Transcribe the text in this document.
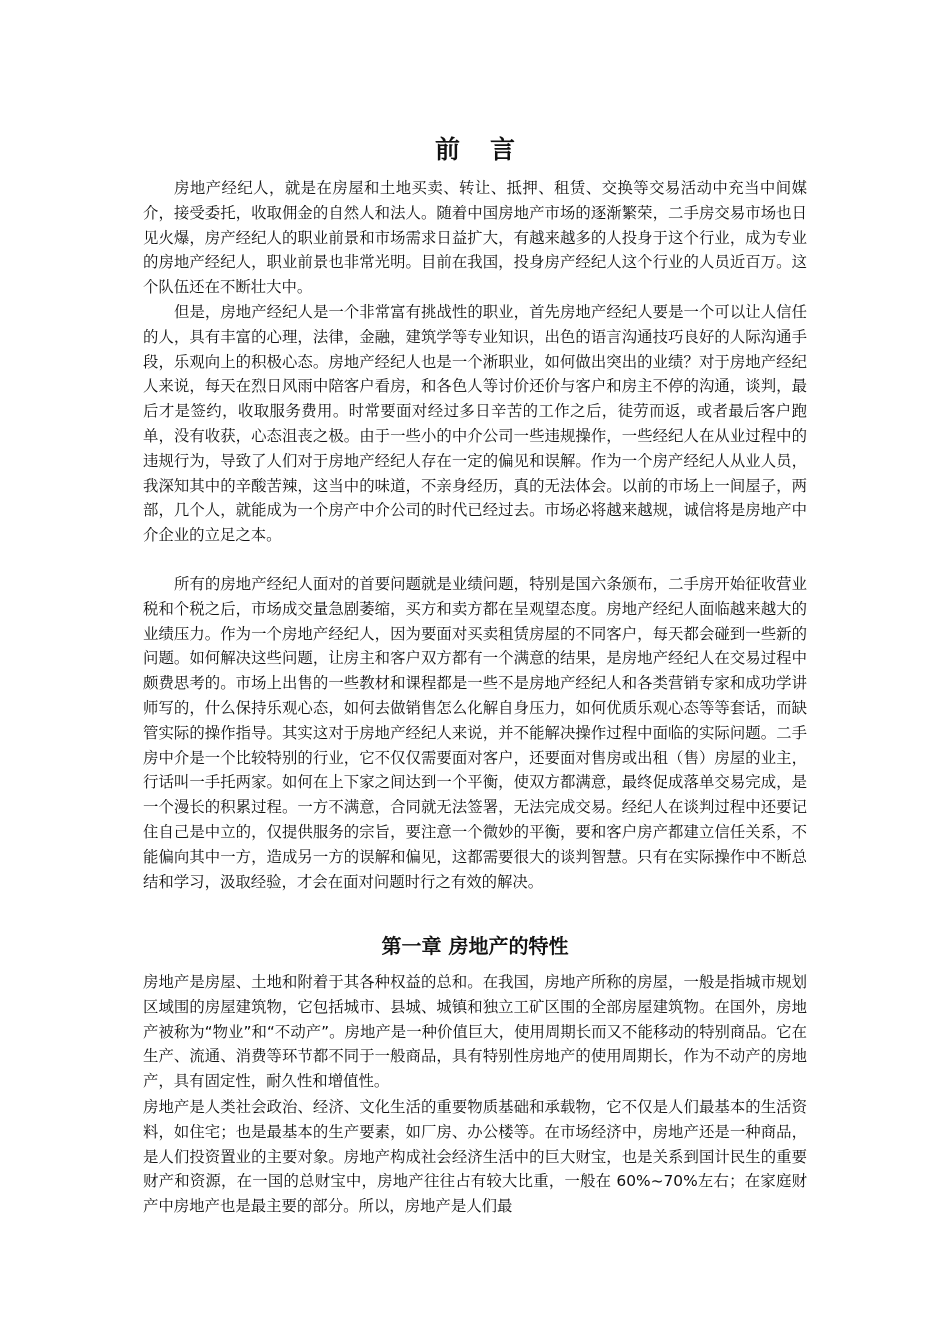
前言

房地产经纪人，就是在房屋和土地买卖、转让、抵押、租赁、交换等交易活动中充当中间媒介，接受委托，收取佣金的自然人和法人。随着中国房地产市场的逐渐繁荣，二手房交易市场也日见火爆，房产经纪人的职业前景和市场需求日益扩大，有越来越多的人投身于这个行业，成为专业的房地产经纪人，职业前景也非常光明。目前在我国，投身房产经纪人这个行业的人员近百万。这个队伍还在不断壮大中。

但是，房地产经纪人是一个非常富有挑战性的职业，首先房地产经纪人要是一个可以让人信任的人，具有丰富的心理，法律，金融，建筑学等专业知识，出色的语言沟通技巧良好的人际沟通手段，乐观向上的积极心态。房地产经纪人也是一个淅职业，如何做出突出的业绩？对于房地产经纪人来说，每天在烈日风雨中陪客户看房，和各色人等讨价还价与客户和房主不停的沟通，谈判，最后才是签约，收取服务费用。时常要面对经过多日辛苦的工作之后，徒劳而返，或者最后客户跑单，没有收获，心态沮丧之极。由于一些小的中介公司一些违规操作，一些经纪人在从业过程中的违规行为，导致了人们对于房地产经纪人存在一定的偏见和误解。作为一个房产经纪人从业人员，我深知其中的辛酸苦辣，这当中的味道，不亲身经历，真的无法体会。以前的市场上一间屋子，两部，几个人，就能成为一个房产中介公司的时代已经过去。市场必将越来越规，诚信将是房地产中介企业的立足之本。

所有的房地产经纪人面对的首要问题就是业绩问题，特别是国六条颁布，二手房开始征收营业税和个税之后，市场成交量急剧萎缩，买方和卖方都在呈观望态度。房地产经纪人面临越来越大的业绩压力。作为一个房地产经纪人，因为要面对买卖租赁房屋的不同客户，每天都会碰到一些新的问题。如何解决这些问题，让房主和客户双方都有一个满意的结果，是房地产经纪人在交易过程中颇费思考的。市场上出售的一些教材和课程都是一些不是房地产经纪人和各类营销专家和成功学讲师写的，什么保持乐观心态，如何去做销售怎么化解自身压力，如何优质乐观心态等等套话，而缺管实际的操作指导。其实这对于房地产经纪人来说，并不能解决操作过程中面临的实际问题。二手房中介是一个比较特别的行业，它不仅仅需要面对客户，还要面对售房或出租（售）房屋的业主，行话叫一手托两家。如何在上下家之间达到一个平衡，使双方都满意，最终促成落单交易完成，是一个漫长的积累过程。一方不满意，合同就无法签署，无法完成交易。经纪人在谈判过程中还要记住自己是中立的，仅提供服务的宗旨，要注意一个微妙的平衡，要和客户房产都建立信任关系，不能偏向其中一方，造成另一方的误解和偏见，这都需要很大的谈判智慧。只有在实际操作中不断总结和学习，汲取经验，才会在面对问题时行之有效的解决。

第一章 房地产的特性

房地产是房屋、土地和附着于其各种权益的总和。在我国，房地产所称的房屋，一般是指城市规划区域围的房屋建筑物，它包括城市、县城、城镇和独立工矿区围的全部房屋建筑物。在国外，房地产被称为“物业”和“不动产”。房地产是一种价值巨大，使用周期长而又不能移动的特别商品。它在生产、流通、消费等环节都不同于一般商品，具有特别性房地产的使用周期长，作为不动产的房地产，具有固定性，耐久性和增值性。

房地产是人类社会政治、经济、文化生活的重要物质基础和承载物，它不仅是人们最基本的生活资料，如住宅；也是最基本的生产要素，如厂房、办公楼等。在市场经济中，房地产还是一种商品，是人们投资置业的主要对象。房地产构成社会经济生活中的巨大财宝，也是关系到国计民生的重要财产和资源，在一国的总财宝中，房地产往往占有较大比重，一般在 60%~70%左右；在家庭财产中房地产也是最主要的部分。所以，房地产是人们最
